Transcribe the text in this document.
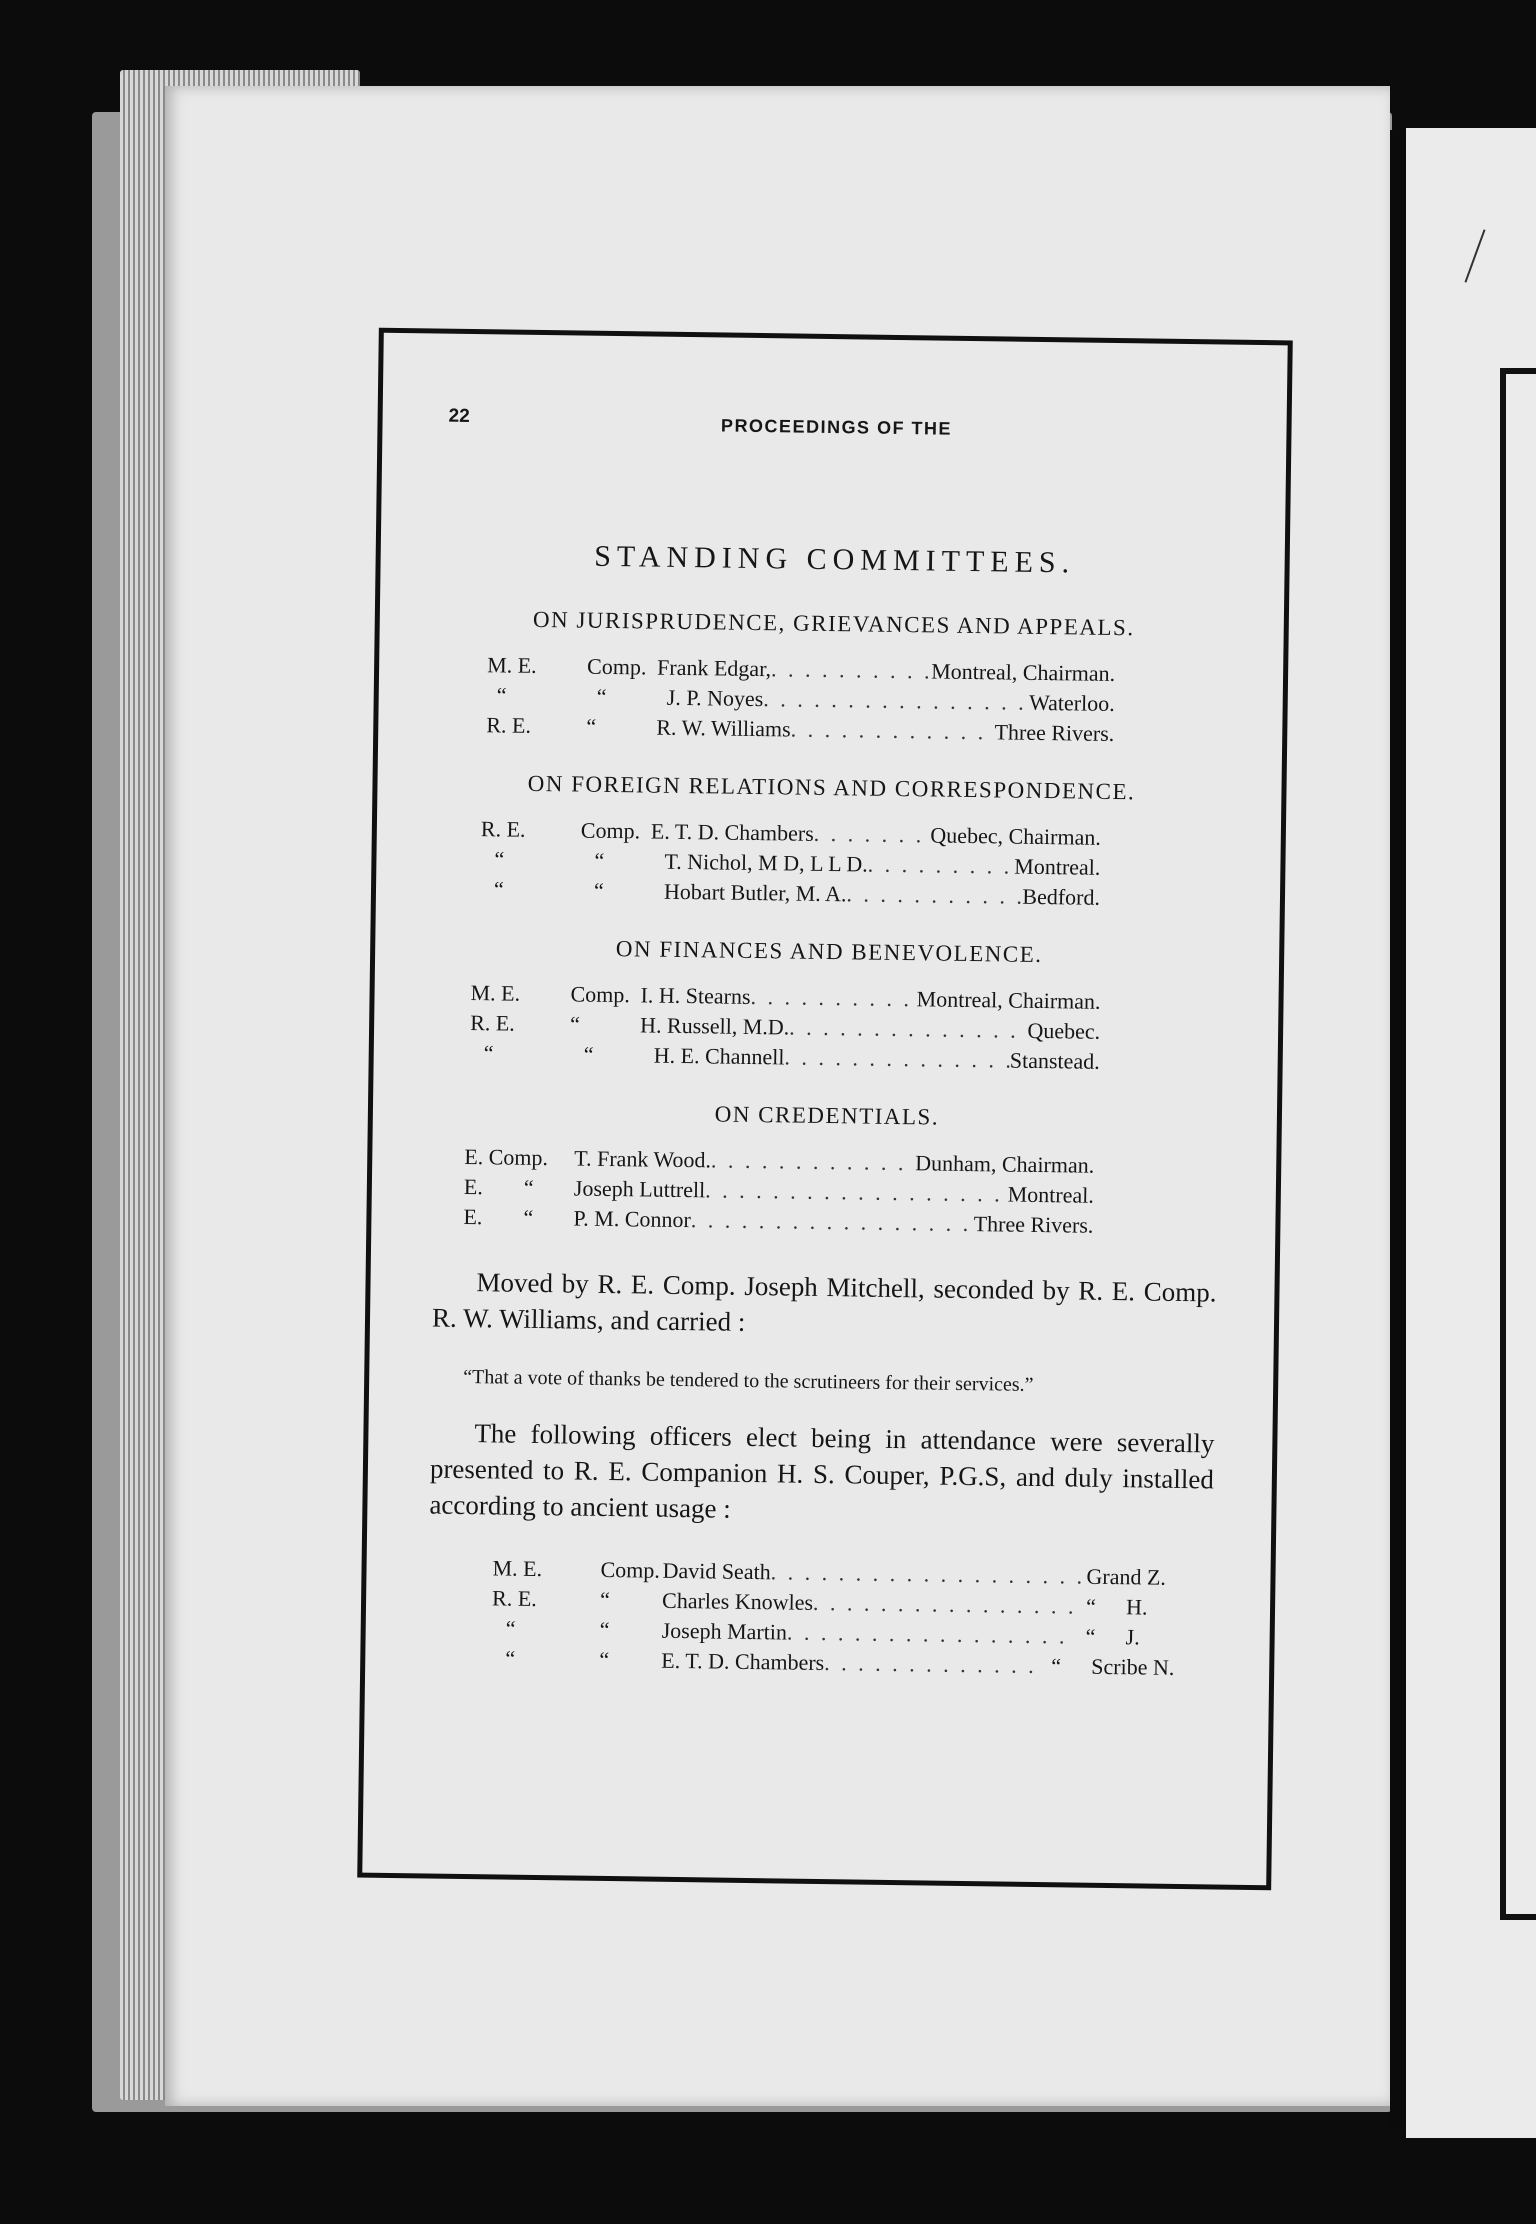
22	PROCEEDINGS OF THE
STANDING COMMITTEES.
ON JURISPRUDENCE, GRIEVANCES AND APPEALS.
M. E.	Comp. Frank Edgar, . . .	Montreal, Chairman.
“	“	J. P. Noyes . . .	Waterloo.
R. E.	“	R. W. Williams . . .	Three Rivers.
ON FOREIGN RELATIONS AND CORRESPONDENCE.
R. E.	Comp. E. T. D. Chambers . . .	Quebec, Chairman.
“	“	T. Nichol, M D, L L D. . . .	Montreal.
“	“	Hobart Butler, M. A. . . .	Bedford.
ON FINANCES AND BENEVOLENCE.
M. E.	Comp. I. H. Stearns . . .	Montreal, Chairman.
R. E.	“	H. Russell, M.D. . . .	Quebec.
“	“	H. E. Channell . . .	Stanstead.
ON CREDENTIALS.
E. Comp.	T. Frank Wood. . . .	Dunham, Chairman.
E.	“	Joseph Luttrell . . .	Montreal.
E.	“	P. M. Connor . . .	Three Rivers.

Moved by R. E. Comp. Joseph Mitchell, seconded by R. E. Comp. R. W. Williams, and carried :

“That a vote of thanks be tendered to the scrutineers for their services.”

The following officers elect being in attendance were severally presented to R. E. Companion H. S. Couper, P.G.S, and duly installed according to ancient usage :

M. E.	Comp. David Seath . . .	Grand Z.
R. E.	“	Charles Knowles . . .	“	H.
“	“	Joseph Martin . . .	“	J.
“	“	E. T. D. Chambers . . .	“	Scribe N.
